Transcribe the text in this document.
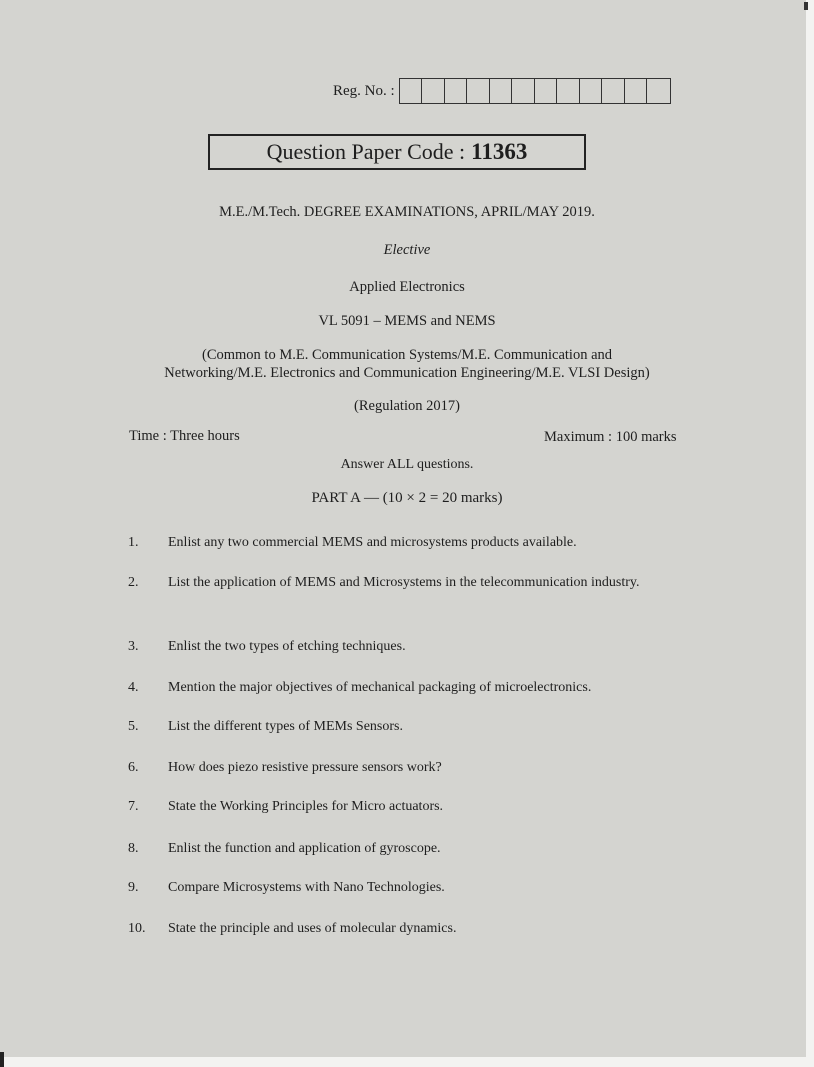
Reg. No. :
Question Paper Code : 11363
M.E./M.Tech. DEGREE EXAMINATIONS, APRIL/MAY 2019.
Elective
Applied Electronics
VL 5091 – MEMS and NEMS
(Common to M.E. Communication Systems/M.E. Communication and
Networking/M.E. Electronics and Communication Engineering/M.E. VLSI Design)
(Regulation 2017)
Time : Three hours	Maximum : 100 marks
Answer ALL questions.
PART A — (10 × 2 = 20 marks)
1.	Enlist any two commercial MEMS and microsystems products available.
2.	List the application of MEMS and Microsystems in the telecommunication industry.
3.	Enlist the two types of etching techniques.
4.	Mention the major objectives of mechanical packaging of microelectronics.
5.	List the different types of MEMs Sensors.
6.	How does piezo resistive pressure sensors work?
7.	State the Working Principles for Micro actuators.
8.	Enlist the function and application of gyroscope.
9.	Compare Microsystems with Nano Technologies.
10.	State the principle and uses of molecular dynamics.
